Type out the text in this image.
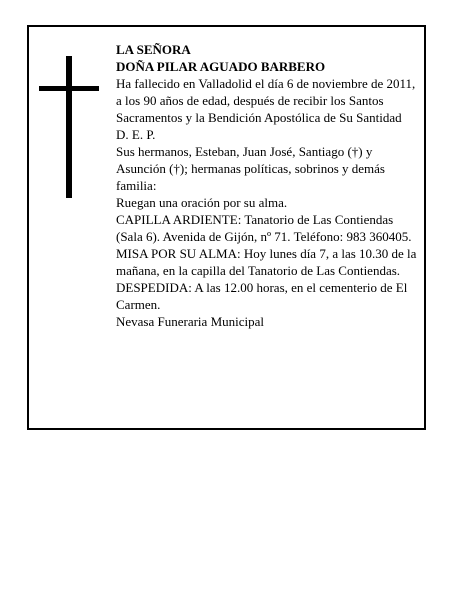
LA SEÑORA

DOÑA PILAR AGUADO BARBERO

Ha fallecido en Valladolid el día 6 de noviembre de 2011, a los 90 años de edad, después de recibir los Santos Sacramentos y la Bendición Apostólica de Su Santidad

D. E. P.

Sus hermanos, Esteban, Juan José, Santiago (†) y Asunción (†); hermanas políticas, sobrinos y demás familia:

Ruegan una oración por su alma.

CAPILLA ARDIENTE: Tanatorio de Las Contiendas (Sala 6). Avenida de Gijón, nº 71. Teléfono: 983 360405.

MISA POR SU ALMA: Hoy lunes día 7, a las 10.30 de la mañana, en la capilla del Tanatorio de Las Contiendas.

DESPEDIDA: A las 12.00 horas, en el cementerio de El Carmen.

Nevasa Funeraria Municipal
